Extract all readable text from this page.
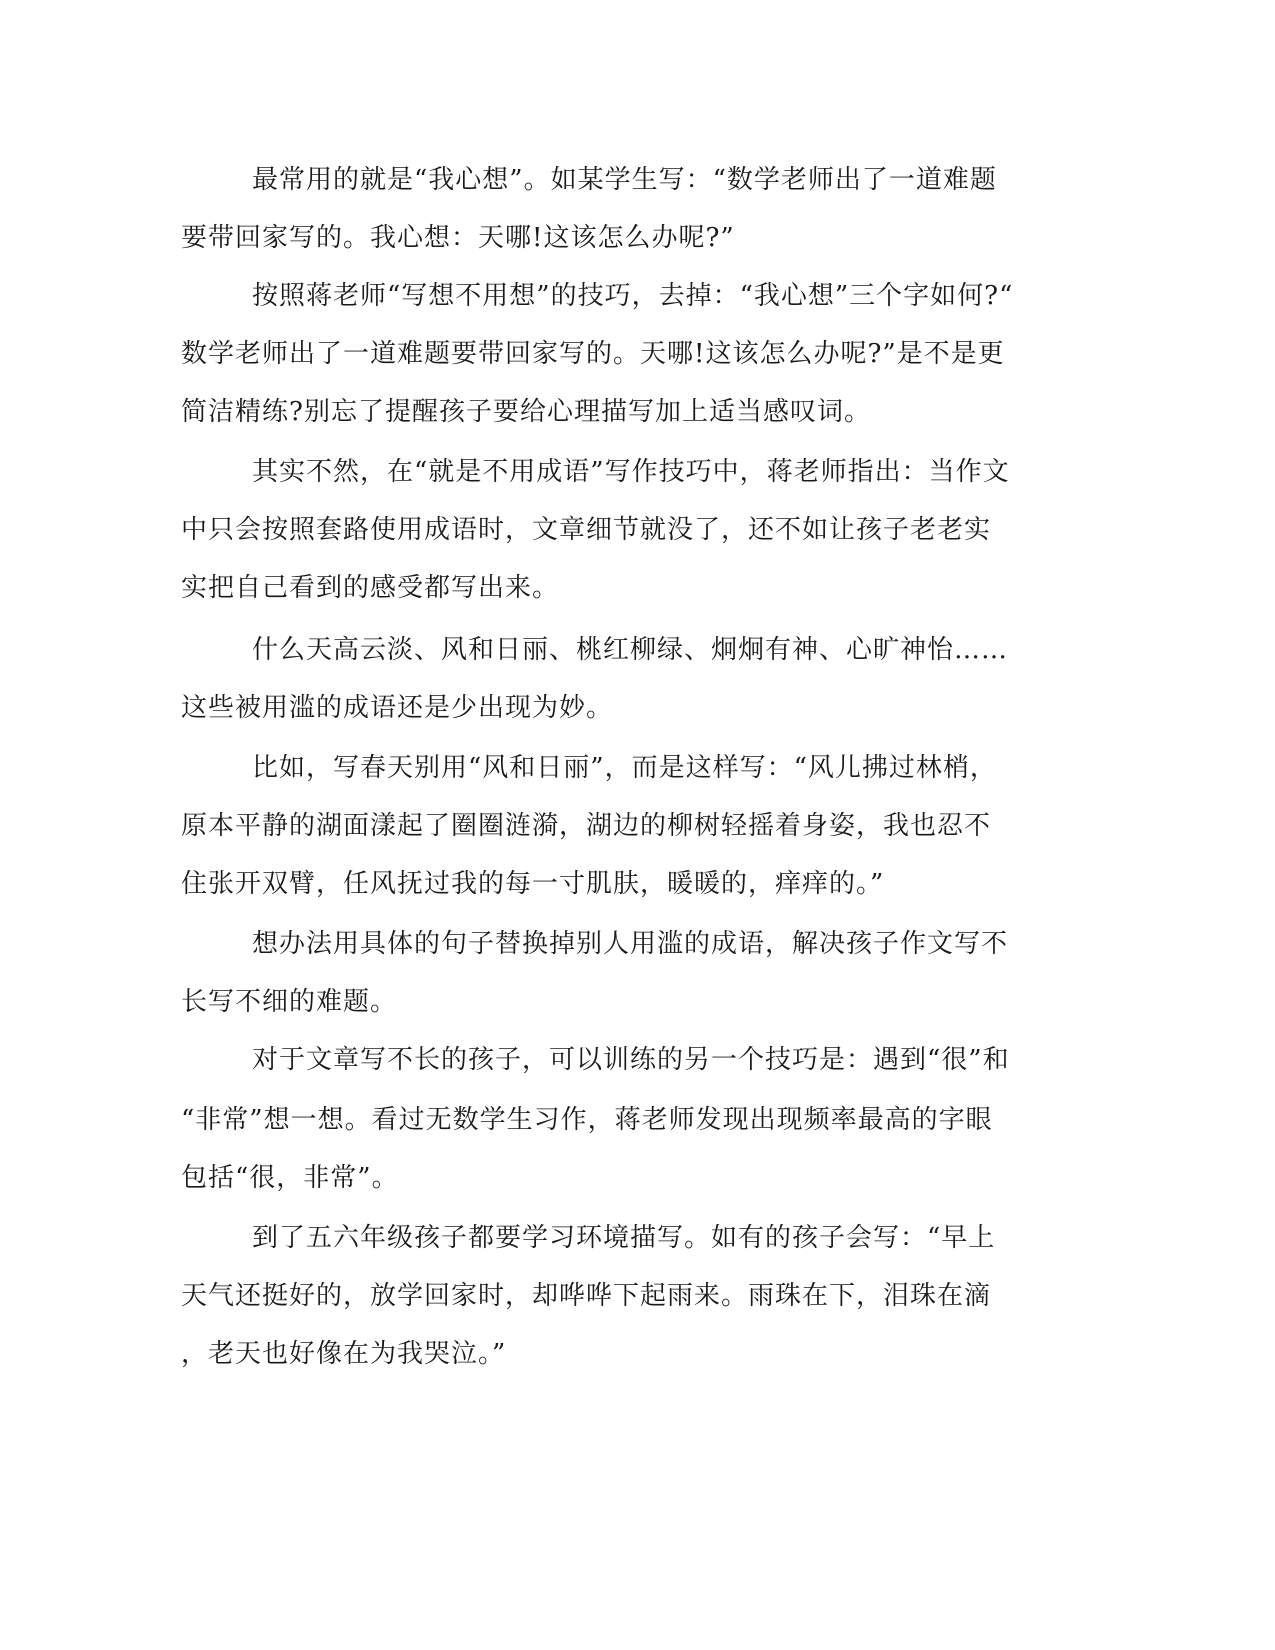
最常用的就是“我心想”。如某学生写：“数学老师出了一道难题
要带回家写的。我心想：天哪!这该怎么办呢?”
按照蒋老师“写想不用想”的技巧，去掉：“我心想”三个字如何?“
数学老师出了一道难题要带回家写的。天哪!这该怎么办呢?”是不是更
简洁精练?别忘了提醒孩子要给心理描写加上适当感叹词。
其实不然，在“就是不用成语”写作技巧中，蒋老师指出：当作文
中只会按照套路使用成语时，文章细节就没了，还不如让孩子老老实
实把自己看到的感受都写出来。
什么天高云淡、风和日丽、桃红柳绿、炯炯有神、心旷神怡……
这些被用滥的成语还是少出现为妙。
比如，写春天别用“风和日丽”，而是这样写：“风儿拂过林梢，
原本平静的湖面漾起了圈圈涟漪，湖边的柳树轻摇着身姿，我也忍不
住张开双臂，任风抚过我的每一寸肌肤，暖暖的，痒痒的。”
想办法用具体的句子替换掉别人用滥的成语，解决孩子作文写不
长写不细的难题。
对于文章写不长的孩子，可以训练的另一个技巧是：遇到“很”和
“非常”想一想。看过无数学生习作，蒋老师发现出现频率最高的字眼
包括“很，非常”。
到了五六年级孩子都要学习环境描写。如有的孩子会写：“早上
天气还挺好的，放学回家时，却哗哗下起雨来。雨珠在下，泪珠在滴
，老天也好像在为我哭泣。”
